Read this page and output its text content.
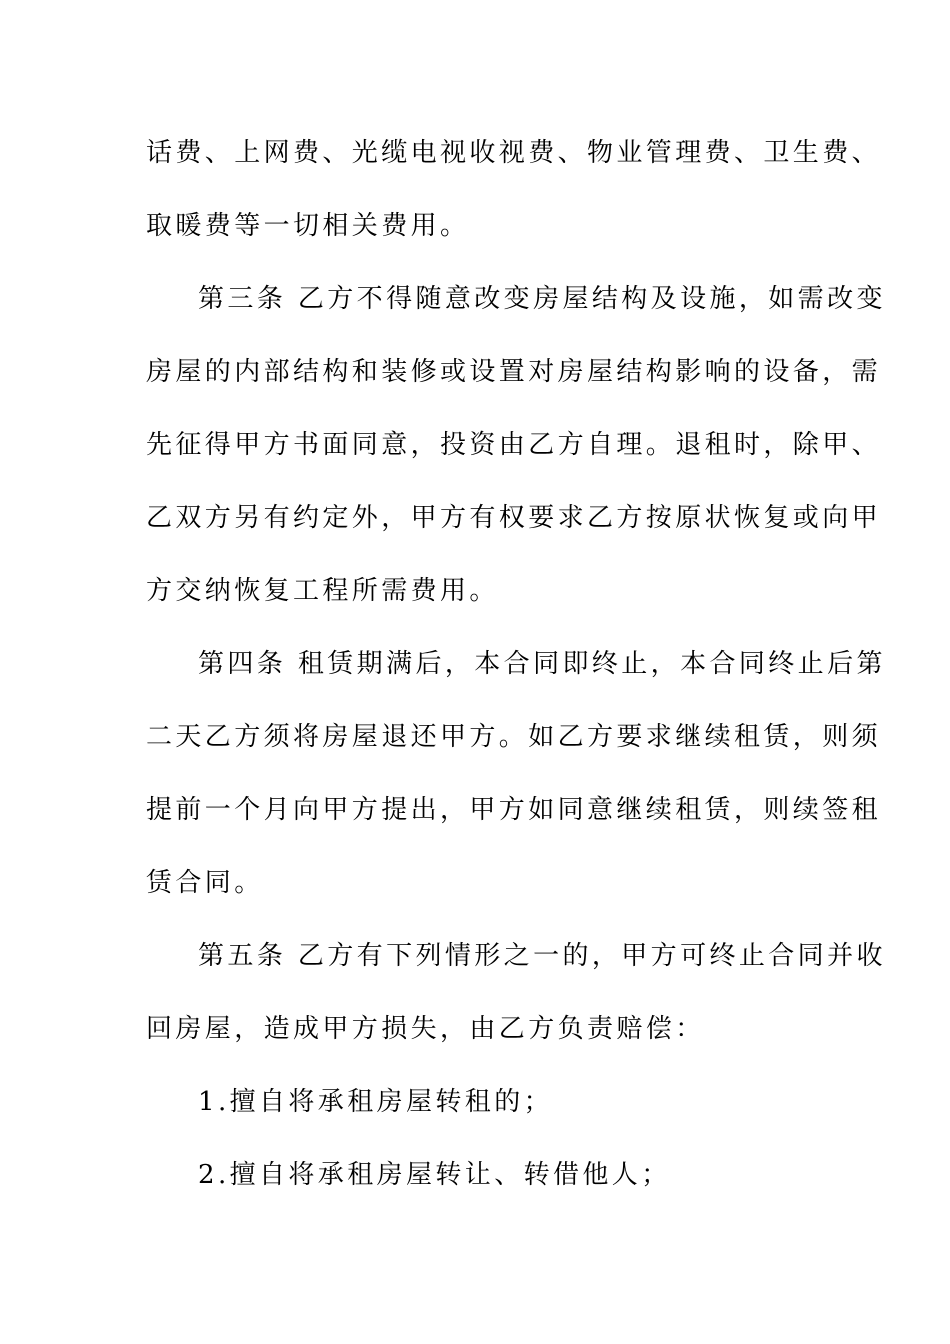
话费、上网费、光缆电视收视费、物业管理费、卫生费、
取暖费等一切相关费用。
第三条 乙方不得随意改变房屋结构及设施，如需改变
房屋的内部结构和装修或设置对房屋结构影响的设备，需
先征得甲方书面同意，投资由乙方自理。退租时，除甲、
乙双方另有约定外，甲方有权要求乙方按原状恢复或向甲
方交纳恢复工程所需费用。
第四条 租赁期满后，本合同即终止，本合同终止后第
二天乙方须将房屋退还甲方。如乙方要求继续租赁，则须
提前一个月向甲方提出，甲方如同意继续租赁，则续签租
赁合同。
第五条 乙方有下列情形之一的，甲方可终止合同并收
回房屋，造成甲方损失，由乙方负责赔偿：
1.擅自将承租房屋转租的；
2.擅自将承租房屋转让、转借他人；
